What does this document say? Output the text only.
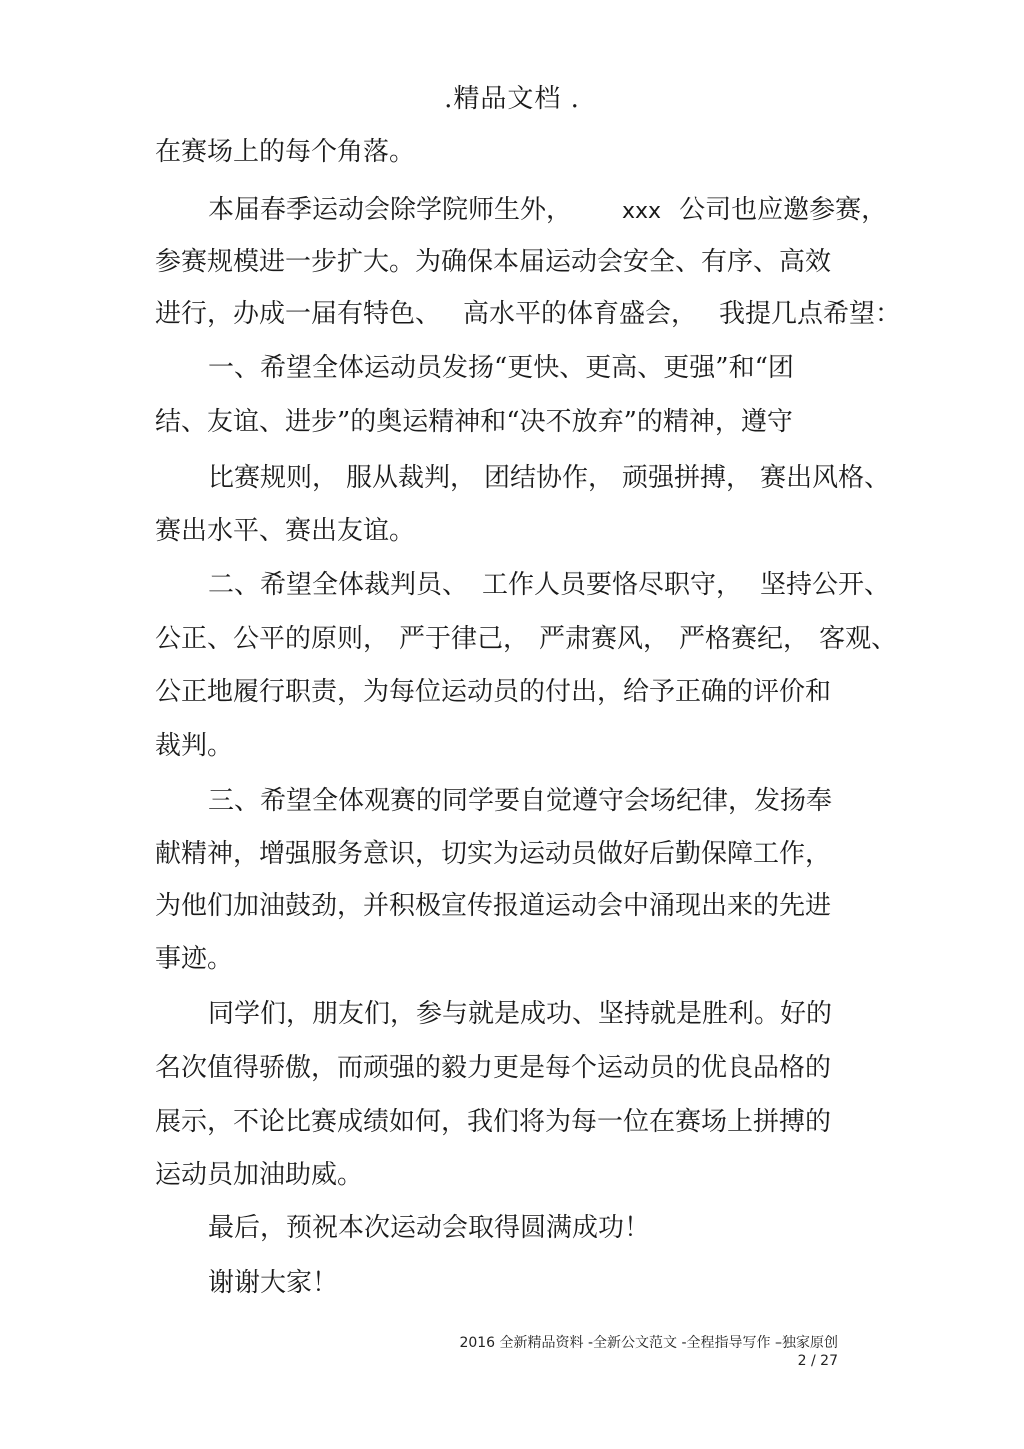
.精品文档 .
在赛场上的每个角落。
本届春季运动会除学院师生外， xxx 公司也应邀参赛，
参赛规模进一步扩大。为确保本届运动会安全、有序、高效
进行，办成一届有特色、 高水平的体育盛会， 我提几点希望：
一、希望全体运动员发扬“更快、更高、更强”和“团
结、友谊、进步”的奥运精神和“决不放弃”的精神，遵守
比赛规则， 服从裁判， 团结协作， 顽强拼搏， 赛出风格、
赛出水平、赛出友谊。
二、希望全体裁判员、 工作人员要恪尽职守， 坚持公开、
公正、公平的原则， 严于律己， 严肃赛风， 严格赛纪， 客观、
公正地履行职责，为每位运动员的付出，给予正确的评价和
裁判。
三、希望全体观赛的同学要自觉遵守会场纪律，发扬奉
献精神，增强服务意识，切实为运动员做好后勤保障工作，
为他们加油鼓劲，并积极宣传报道运动会中涌现出来的先进
事迹。
同学们，朋友们，参与就是成功、坚持就是胜利。好的
名次值得骄傲，而顽强的毅力更是每个运动员的优良品格的
展示，不论比赛成绩如何，我们将为每一位在赛场上拼搏的
运动员加油助威。
最后，预祝本次运动会取得圆满成功！
谢谢大家！
2016 全新精品资料 -全新公文范文 -全程指导写作 –独家原创
2 / 27
